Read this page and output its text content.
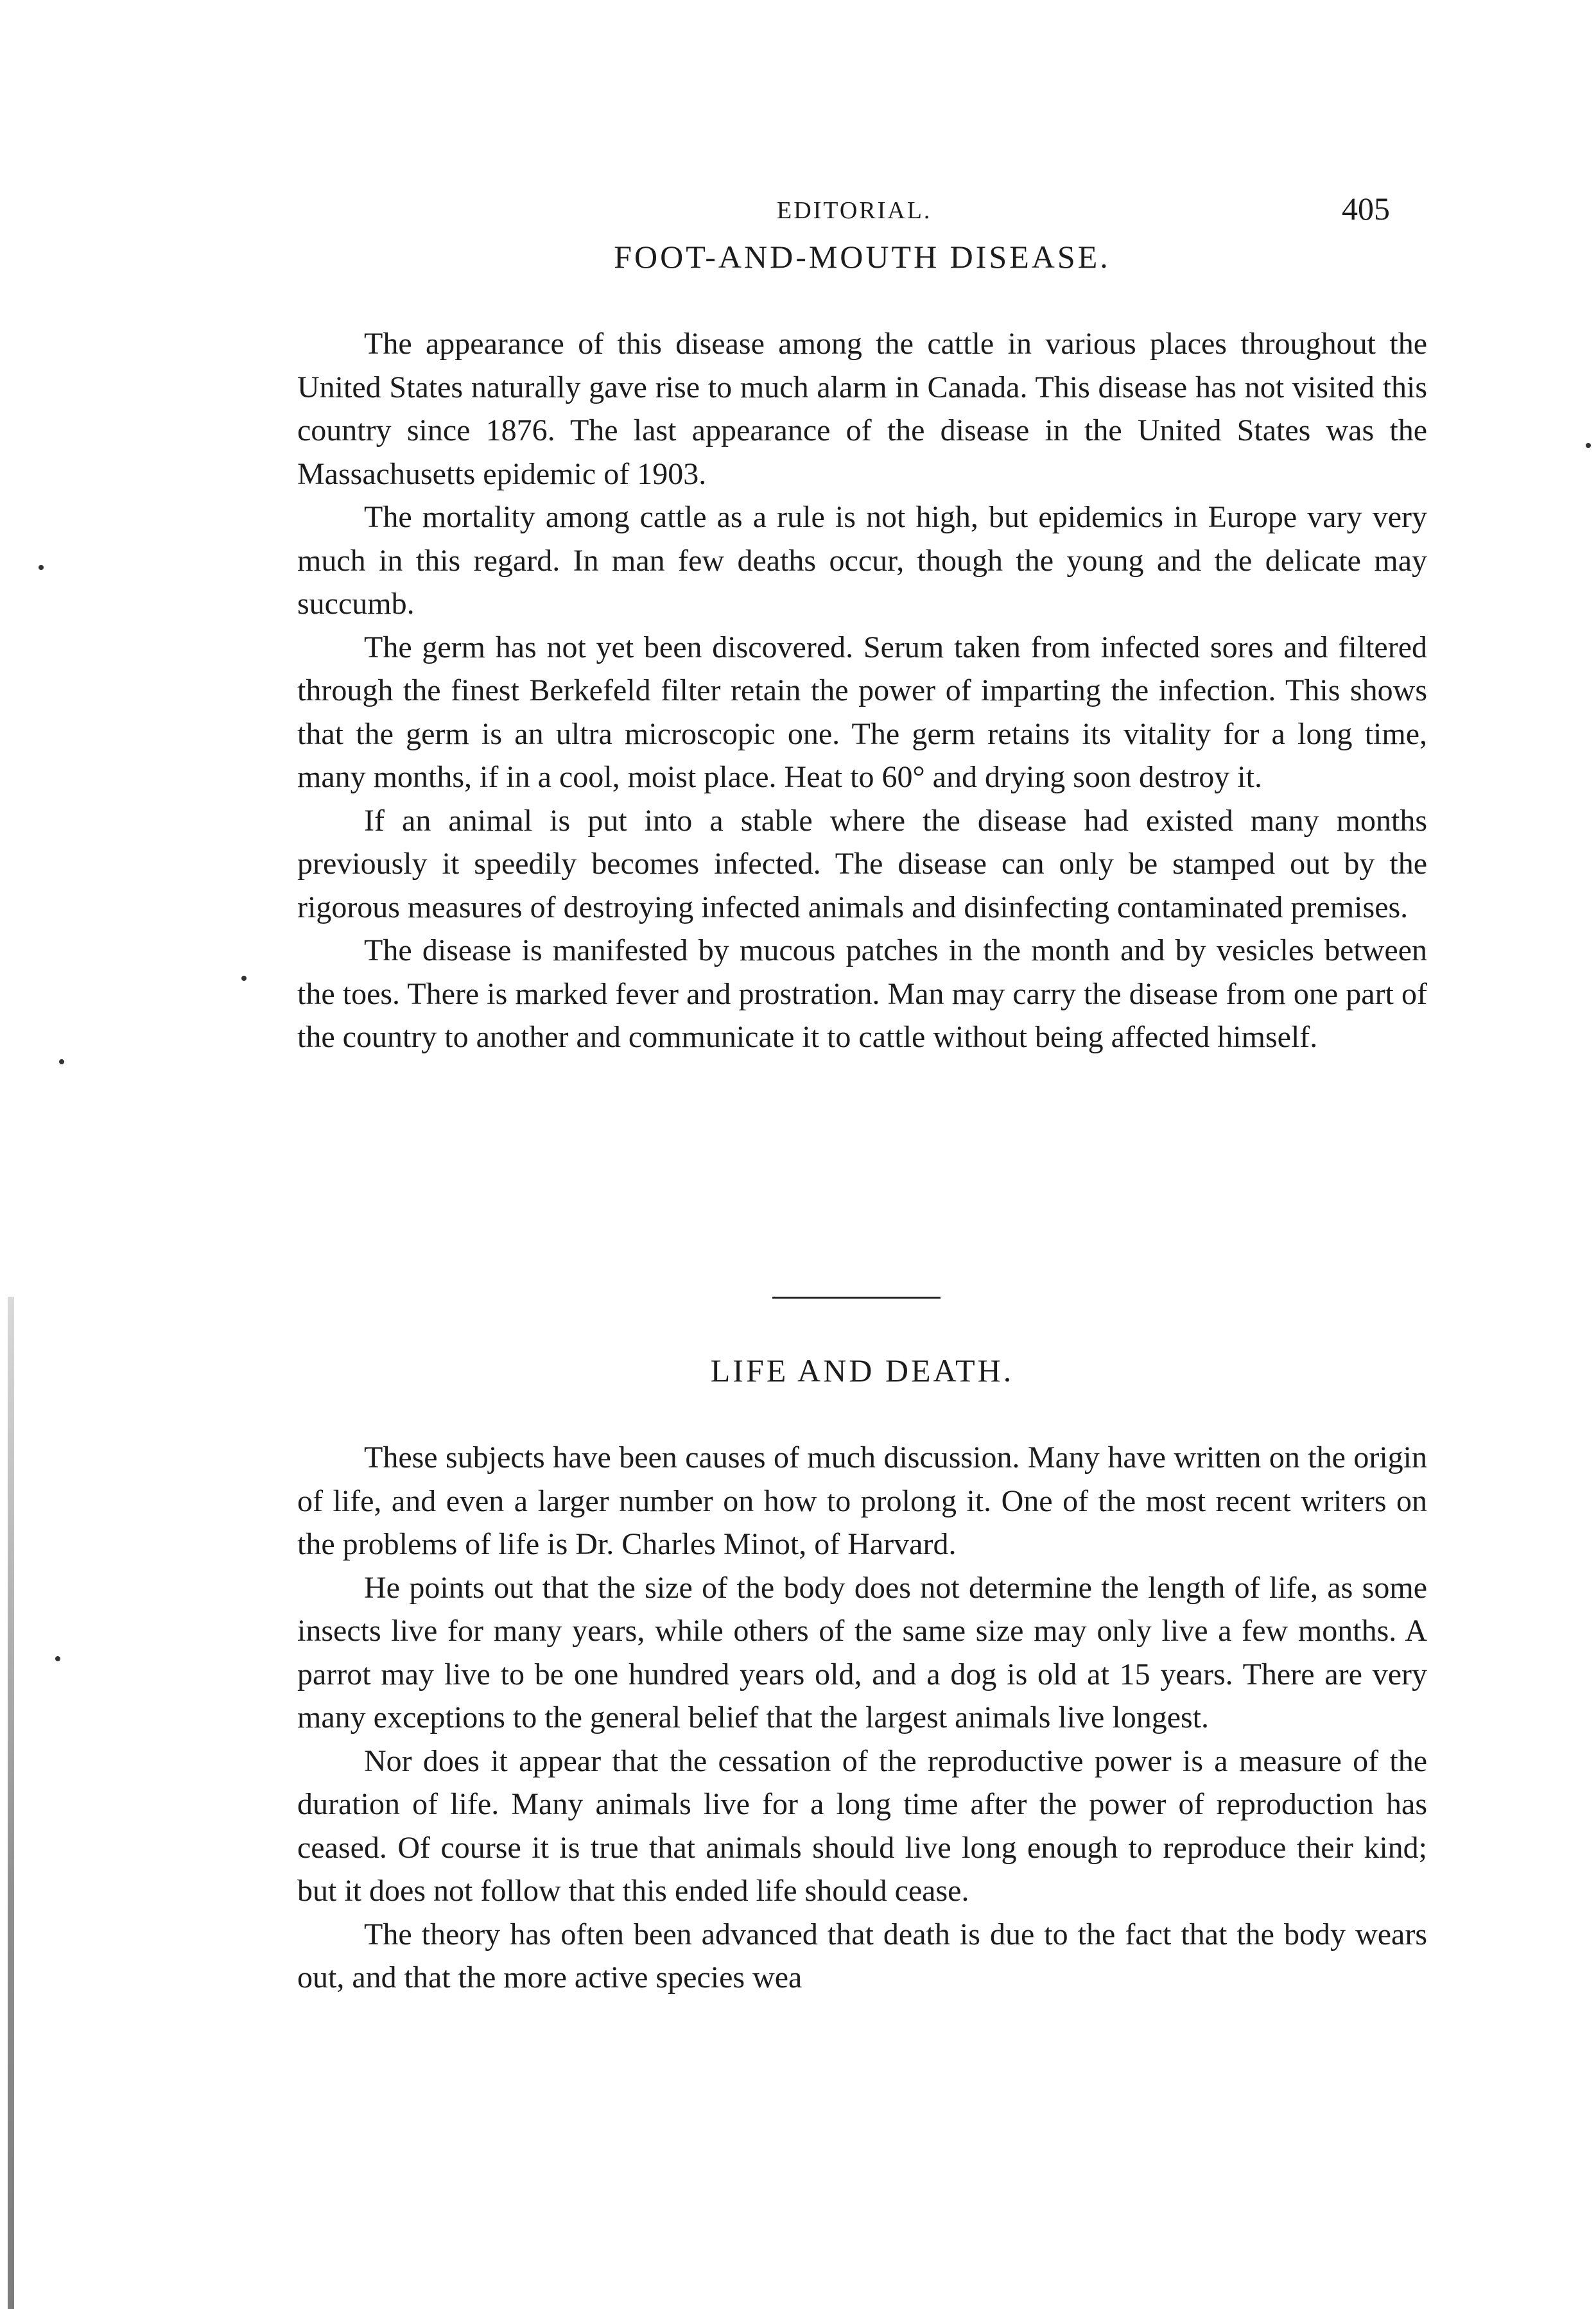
EDITORIAL.	405
FOOT-AND-MOUTH DISEASE.

The appearance of this disease among the cattle in various places throughout the United States naturally gave rise to much alarm in Canada. This disease has not visited this country since 1876. The last appearance of the disease in the United States was the Massachusetts epidemic of 1903.

The mortality among cattle as a rule is not high, but epidemics in Europe vary very much in this regard. In man few deaths occur, though the young and the delicate may succumb.

The germ has not yet been discovered. Serum taken from infected sores and filtered through the finest Berkefeld filter retain the power of imparting the infection. This shows that the germ is an ultra microscopic one. The germ retains its vitality for a long time, many months, if in a cool, moist place. Heat to 60° and drying soon destroy it.

If an animal is put into a stable where the disease had existed many months previously it speedily becomes infected. The disease can only be stamped out by the rigorous measures of destroying infected animals and disinfecting contaminated premises.

The disease is manifested by mucous patches in the month and by vesicles between the toes. There is marked fever and prostration. Man may carry the disease from one part of the country to another and communicate it to cattle without being affected himself.

LIFE AND DEATH.

These subjects have been causes of much discussion. Many have written on the origin of life, and even a larger number on how to prolong it. One of the most recent writers on the problems of life is Dr. Charles Minot, of Harvard.

He points out that the size of the body does not determine the length of life, as some insects live for many years, while others of the same size may only live a few months. A parrot may live to be one hundred years old, and a dog is old at 15 years. There are very many exceptions to the general belief that the largest animals live longest.

Nor does it appear that the cessation of the reproductive power is a measure of the duration of life. Many animals live for a long time after the power of reproduction has ceased. Of course it is true that animals should live long enough to reproduce their kind; but it does not follow that this ended life should cease.

The theory has often been advanced that death is due to the fact that the body wears out, and that the more active species wea
